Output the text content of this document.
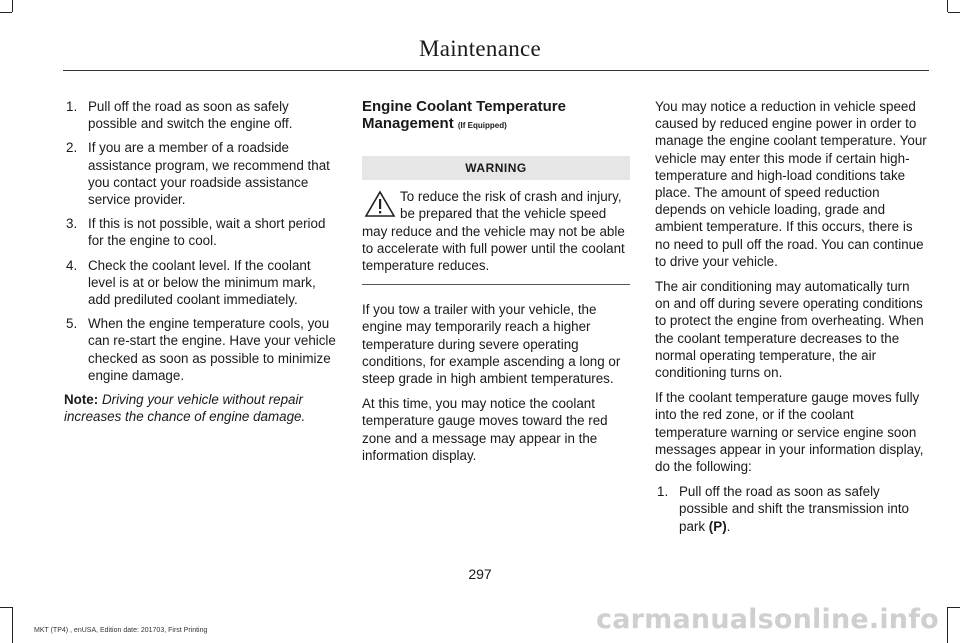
Maintenance
1. Pull off the road as soon as safely possible and switch the engine off.
2. If you are a member of a roadside assistance program, we recommend that you contact your roadside assistance service provider.
3. If this is not possible, wait a short period for the engine to cool.
4. Check the coolant level. If the coolant level is at or below the minimum mark, add prediluted coolant immediately.
5. When the engine temperature cools, you can re-start the engine. Have your vehicle checked as soon as possible to minimize engine damage.

Note: Driving your vehicle without repair increases the chance of engine damage.

Engine Coolant Temperature Management (If Equipped)
WARNING
To reduce the risk of crash and injury, be prepared that the vehicle speed may reduce and the vehicle may not be able to accelerate with full power until the coolant temperature reduces.

If you tow a trailer with your vehicle, the engine may temporarily reach a higher temperature during severe operating conditions, for example ascending a long or steep grade in high ambient temperatures.

At this time, you may notice the coolant temperature gauge moves toward the red zone and a message may appear in the information display.

You may notice a reduction in vehicle speed caused by reduced engine power in order to manage the engine coolant temperature. Your vehicle may enter this mode if certain high-temperature and high-load conditions take place. The amount of speed reduction depends on vehicle loading, grade and ambient temperature. If this occurs, there is no need to pull off the road. You can continue to drive your vehicle.

The air conditioning may automatically turn on and off during severe operating conditions to protect the engine from overheating. When the coolant temperature decreases to the normal operating temperature, the air conditioning turns on.

If the coolant temperature gauge moves fully into the red zone, or if the coolant temperature warning or service engine soon messages appear in your information display, do the following:

1. Pull off the road as soon as safely possible and shift the transmission into park (P).
297
MKT (TP4) , enUSA, Edition date: 201703, First Printing	carmanualsonline.info
